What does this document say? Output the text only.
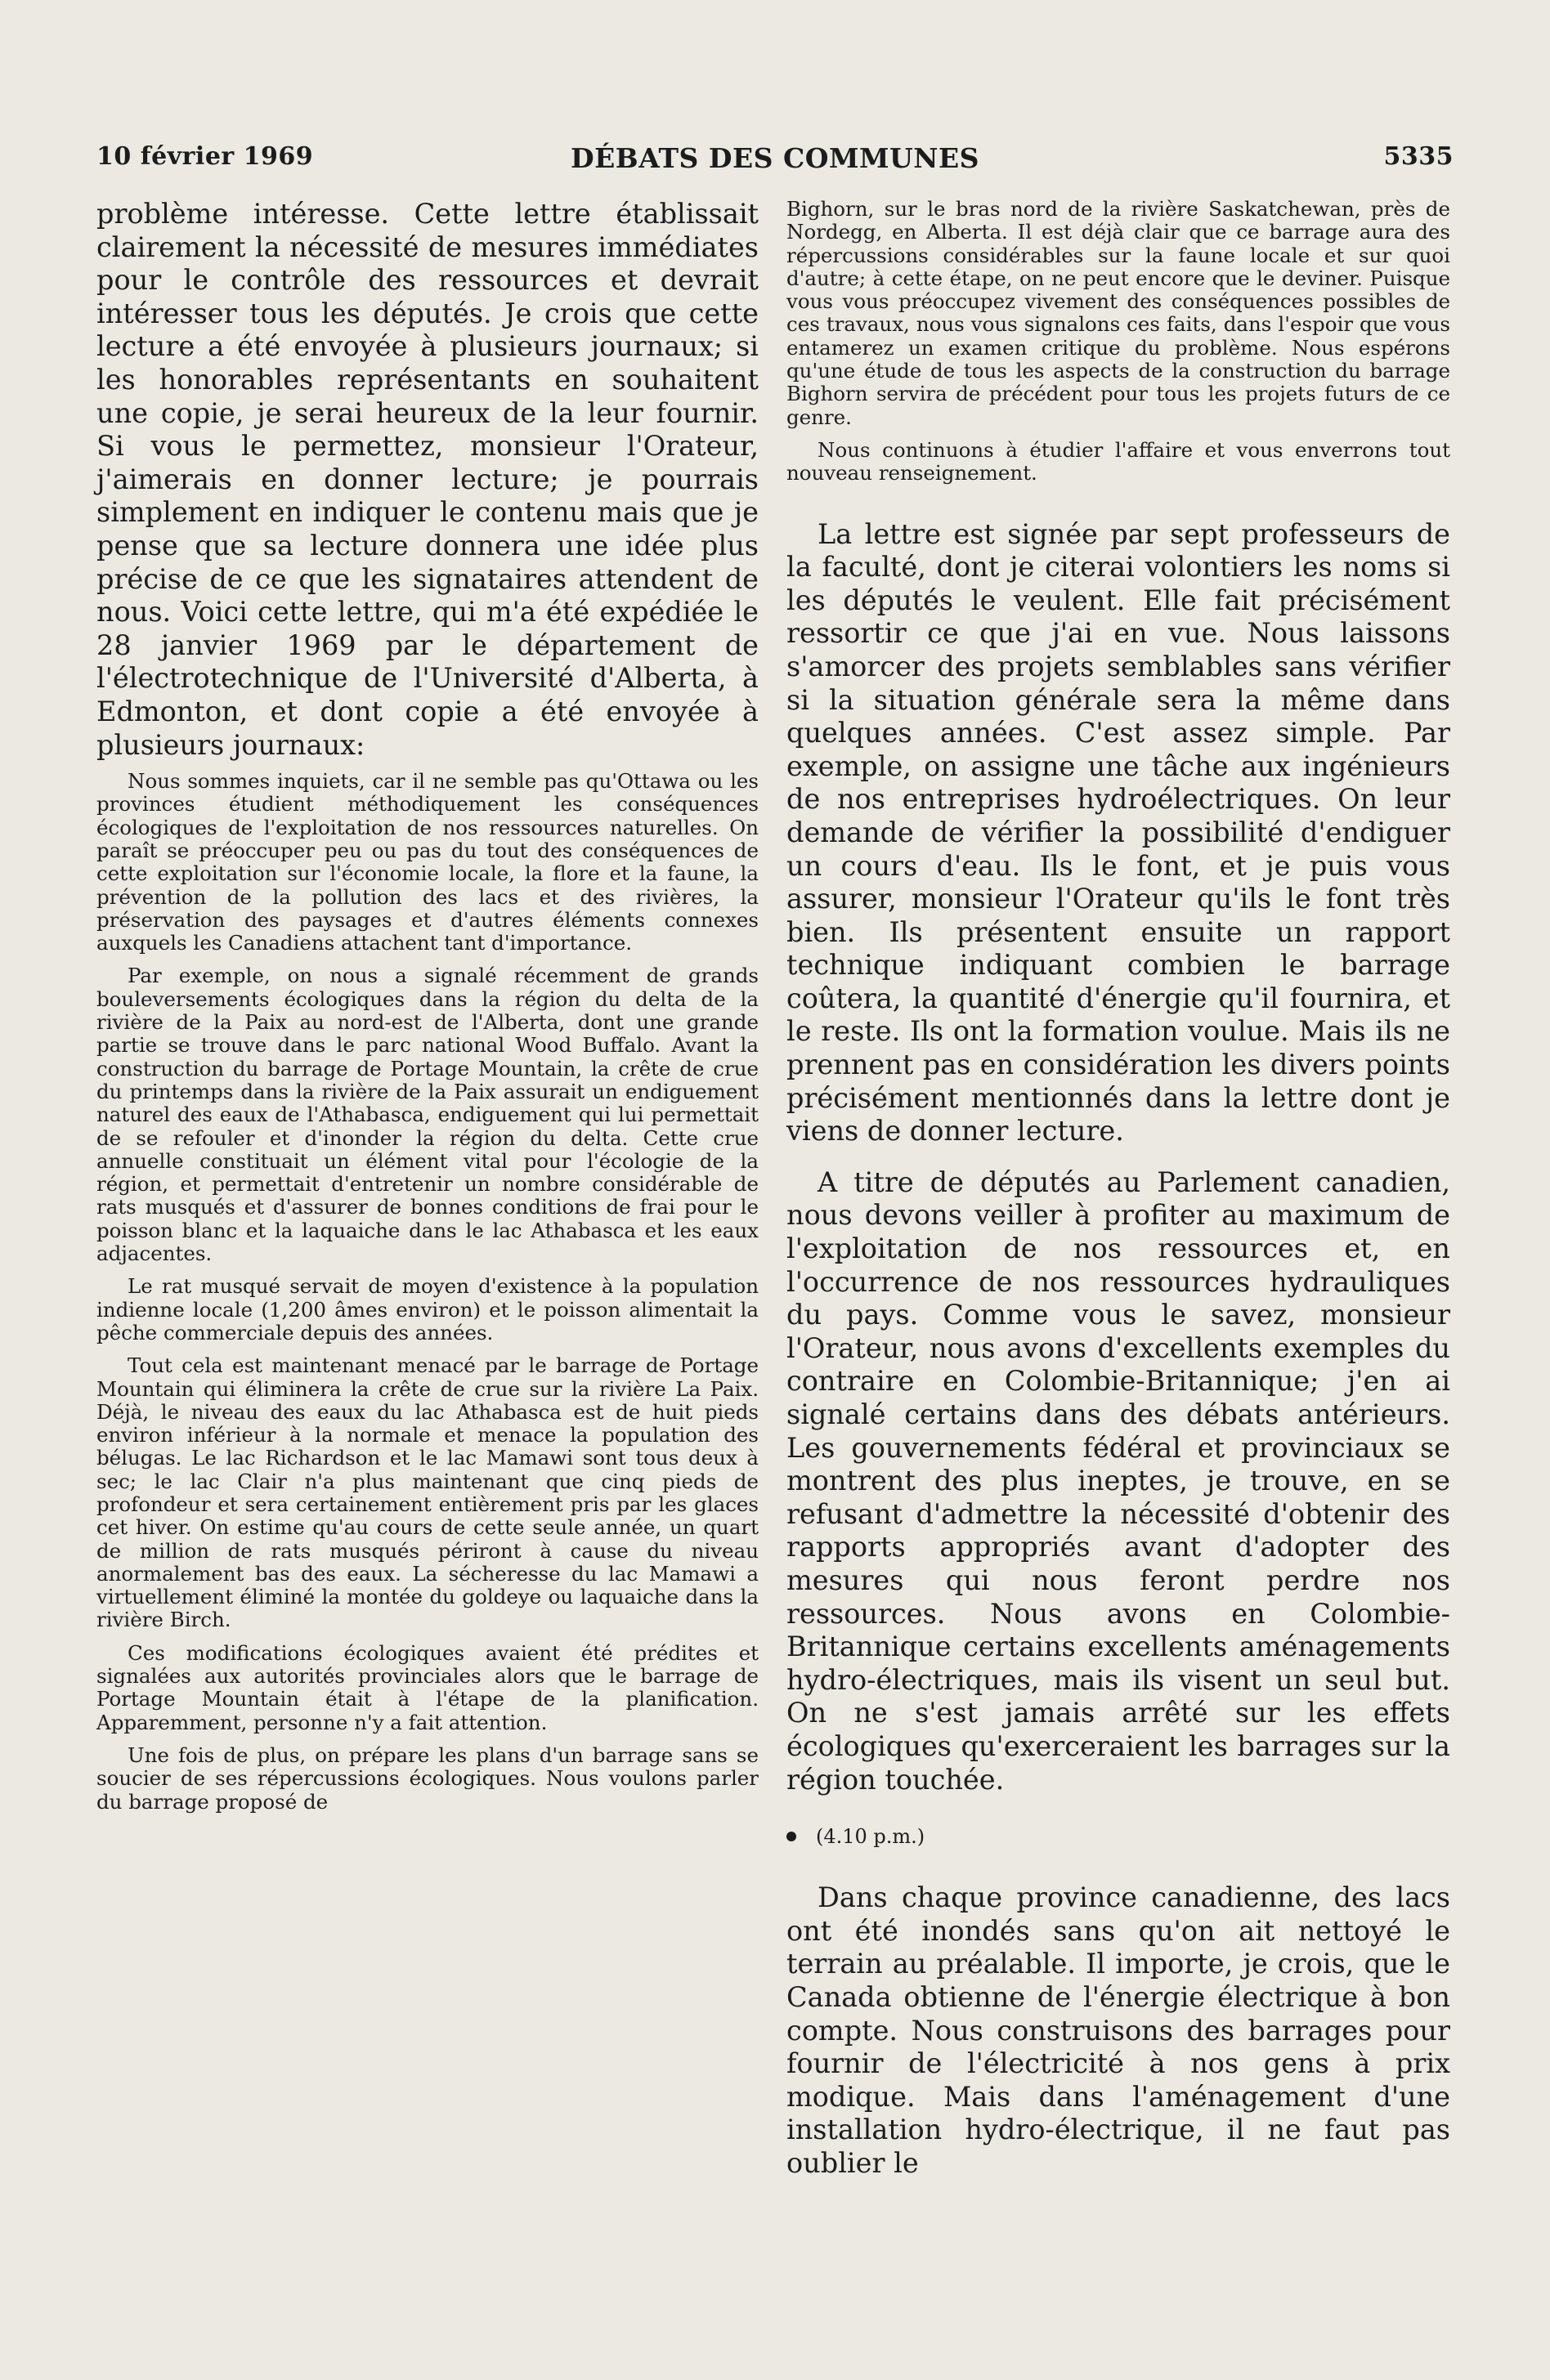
10 février 1969	DÉBATS DES COMMUNES	5335

problème intéresse. Cette lettre établissait clairement la nécessité de mesures immédiates pour le contrôle des ressources et devrait intéresser tous les députés. Je crois que cette lecture a été envoyée à plusieurs journaux; si les honorables représentants en souhaitent une copie, je serai heureux de la leur fournir. Si vous le permettez, monsieur l'Orateur, j'aimerais en donner lecture; je pourrais simplement en indiquer le contenu mais que je pense que sa lecture donnera une idée plus précise de ce que les signataires attendent de nous. Voici cette lettre, qui m'a été expédiée le 28 janvier 1969 par le département de l'électrotechnique de l'Université d'Alberta, à Edmonton, et dont copie a été envoyée à plusieurs journaux:

Nous sommes inquiets, car il ne semble pas qu'Ottawa ou les provinces étudient méthodiquement les conséquences écologiques de l'exploitation de nos ressources naturelles. On paraît se préoccuper peu ou pas du tout des conséquences de cette exploitation sur l'économie locale, la flore et la faune, la prévention de la pollution des lacs et des rivières, la préservation des paysages et d'autres éléments connexes auxquels les Canadiens attachent tant d'importance.

Par exemple, on nous a signalé récemment de grands bouleversements écologiques dans la région du delta de la rivière de la Paix au nord-est de l'Alberta, dont une grande partie se trouve dans le parc national Wood Buffalo. Avant la construction du barrage de Portage Mountain, la crête de crue du printemps dans la rivière de la Paix assurait un endiguement naturel des eaux de l'Athabasca, endiguement qui lui permettait de se refouler et d'inonder la région du delta. Cette crue annuelle constituait un élément vital pour l'écologie de la région, et permettait d'entretenir un nombre considérable de rats musqués et d'assurer de bonnes conditions de frai pour le poisson blanc et la laquaiche dans le lac Athabasca et les eaux adjacentes.

Le rat musqué servait de moyen d'existence à la population indienne locale (1,200 âmes environ) et le poisson alimentait la pêche commerciale depuis des années.

Tout cela est maintenant menacé par le barrage de Portage Mountain qui éliminera la crête de crue sur la rivière La Paix. Déjà, le niveau des eaux du lac Athabasca est de huit pieds environ inférieur à la normale et menace la population des bélugas. Le lac Richardson et le lac Mamawi sont tous deux à sec; le lac Clair n'a plus maintenant que cinq pieds de profondeur et sera certainement entièrement pris par les glaces cet hiver. On estime qu'au cours de cette seule année, un quart de million de rats musqués périront à cause du niveau anormalement bas des eaux. La sécheresse du lac Mamawi a virtuellement éliminé la montée du goldeye ou laquaiche dans la rivière Birch.

Ces modifications écologiques avaient été prédites et signalées aux autorités provinciales alors que le barrage de Portage Mountain était à l'étape de la planification. Apparemment, personne n'y a fait attention.

Une fois de plus, on prépare les plans d'un barrage sans se soucier de ses répercussions écologiques. Nous voulons parler du barrage proposé de

Bighorn, sur le bras nord de la rivière Saskatchewan, près de Nordegg, en Alberta. Il est déjà clair que ce barrage aura des répercussions considérables sur la faune locale et sur quoi d'autre; à cette étape, on ne peut encore que le deviner. Puisque vous vous préoccupez vivement des conséquences possibles de ces travaux, nous vous signalons ces faits, dans l'espoir que vous entamerez un examen critique du problème. Nous espérons qu'une étude de tous les aspects de la construction du barrage Bighorn servira de précédent pour tous les projets futurs de ce genre.

Nous continuons à étudier l'affaire et vous enverrons tout nouveau renseignement.

La lettre est signée par sept professeurs de la faculté, dont je citerai volontiers les noms si les députés le veulent. Elle fait précisément ressortir ce que j'ai en vue. Nous laissons s'amorcer des projets semblables sans vérifier si la situation générale sera la même dans quelques années. C'est assez simple. Par exemple, on assigne une tâche aux ingénieurs de nos entreprises hydroélectriques. On leur demande de vérifier la possibilité d'endiguer un cours d'eau. Ils le font, et je puis vous assurer, monsieur l'Orateur qu'ils le font très bien. Ils présentent ensuite un rapport technique indiquant combien le barrage coûtera, la quantité d'énergie qu'il fournira, et le reste. Ils ont la formation voulue. Mais ils ne prennent pas en considération les divers points précisément mentionnés dans la lettre dont je viens de donner lecture.

A titre de députés au Parlement canadien, nous devons veiller à profiter au maximum de l'exploitation de nos ressources et, en l'occurrence de nos ressources hydrauliques du pays. Comme vous le savez, monsieur l'Orateur, nous avons d'excellents exemples du contraire en Colombie-Britannique; j'en ai signalé certains dans des débats antérieurs. Les gouvernements fédéral et provinciaux se montrent des plus ineptes, je trouve, en se refusant d'admettre la nécessité d'obtenir des rapports appropriés avant d'adopter des mesures qui nous feront perdre nos ressources. Nous avons en Colombie-Britannique certains excellents aménagements hydro-électriques, mais ils visent un seul but. On ne s'est jamais arrêté sur les effets écologiques qu'exerceraient les barrages sur la région touchée.

(4.10 p.m.)

Dans chaque province canadienne, des lacs ont été inondés sans qu'on ait nettoyé le terrain au préalable. Il importe, je crois, que le Canada obtienne de l'énergie électrique à bon compte. Nous construisons des barrages pour fournir de l'électricité à nos gens à prix modique. Mais dans l'aménagement d'une installation hydro-électrique, il ne faut pas oublier le
